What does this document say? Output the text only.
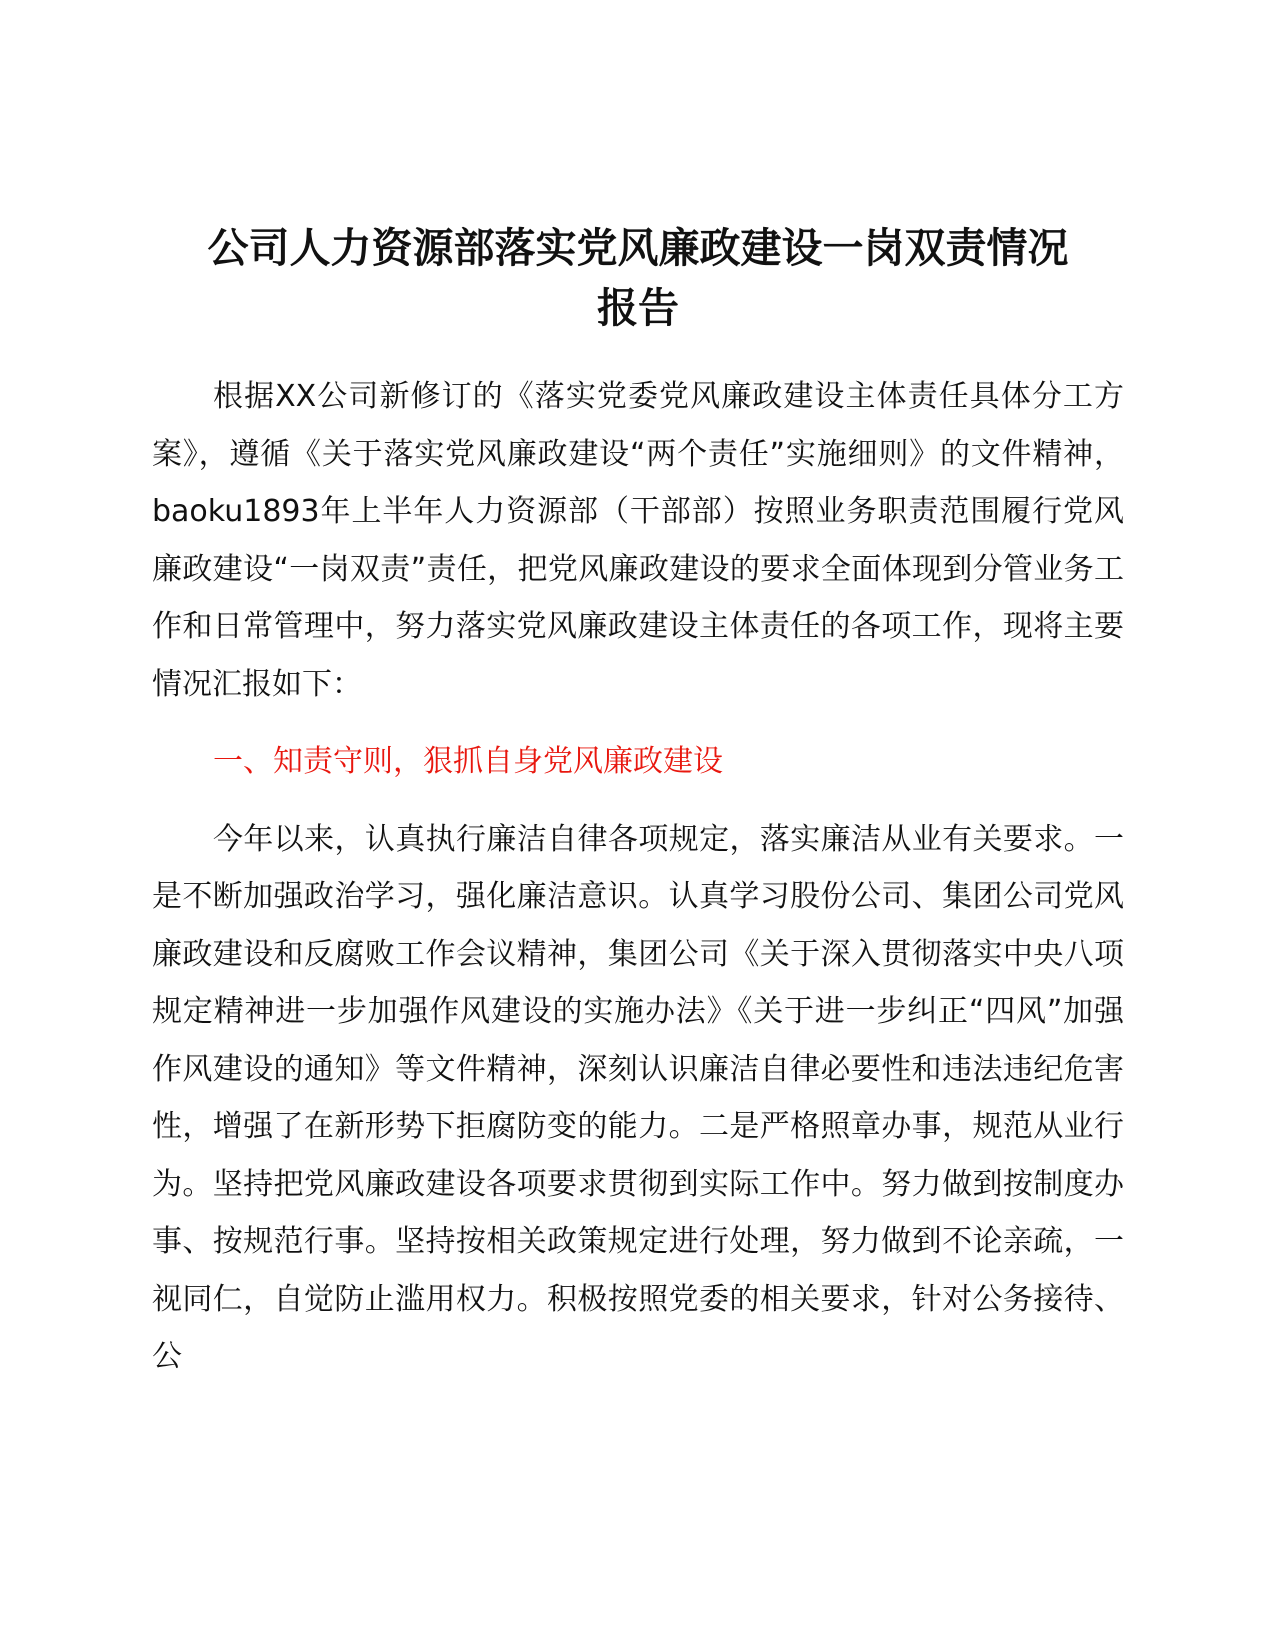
公司人力资源部落实党风廉政建设一岗双责情况
报告

根据XX公司新修订的《落实党委党风廉政建设主体责任具体分工方案》，遵循《关于落实党风廉政建设“两个责任”实施细则》的文件精神，baoku1893年上半年人力资源部（干部部）按照业务职责范围履行党风廉政建设“一岗双责”责任，把党风廉政建设的要求全面体现到分管业务工作和日常管理中，努力落实党风廉政建设主体责任的各项工作，现将主要情况汇报如下：

一、知责守则，狠抓自身党风廉政建设

今年以来，认真执行廉洁自律各项规定，落实廉洁从业有关要求。一是不断加强政治学习，强化廉洁意识。认真学习股份公司、集团公司党风廉政建设和反腐败工作会议精神，集团公司《关于深入贯彻落实中央八项规定精神进一步加强作风建设的实施办法》《关于进一步纠正“四风”加强作风建设的通知》等文件精神，深刻认识廉洁自律必要性和违法违纪危害性，增强了在新形势下拒腐防变的能力。二是严格照章办事，规范从业行为。坚持把党风廉政建设各项要求贯彻到实际工作中。努力做到按制度办事、按规范行事。坚持按相关政策规定进行处理，努力做到不论亲疏，一视同仁，自觉防止滥用权力。积极按照党委的相关要求，针对公务接待、公
